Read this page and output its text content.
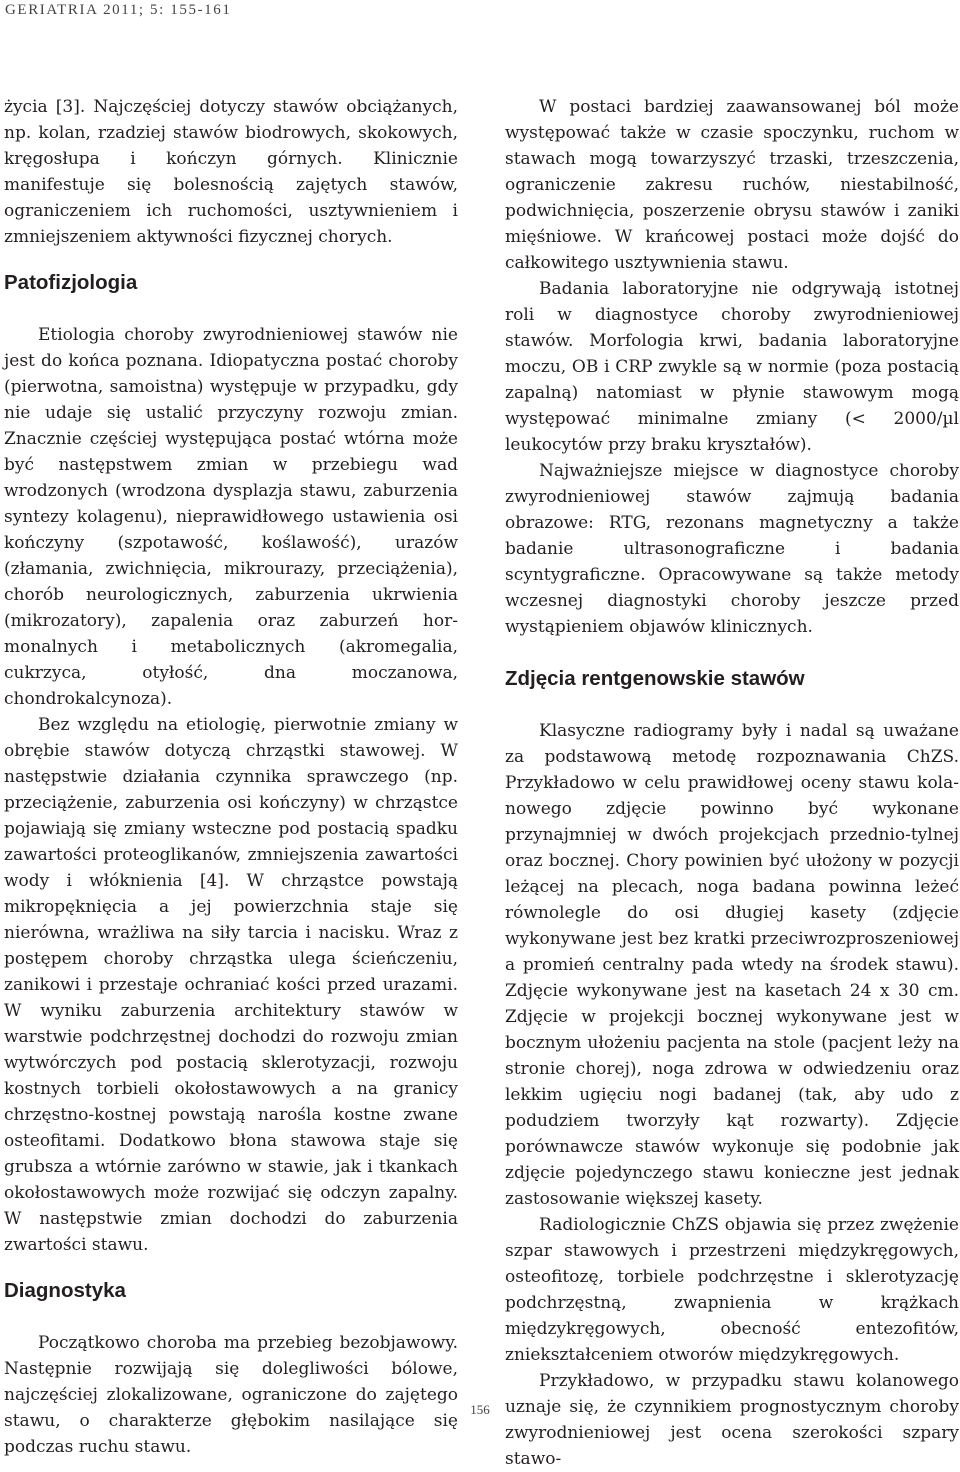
GERIATRIA 2011; 5: 155-161

życia [3]. Najczęściej dotyczy stawów obciążanych, np. kolan, rzadziej stawów biodrowych, skokowych, kręgosłupa i kończyn górnych. Klinicznie manifestuje się bolesnością zajętych stawów, ograniczeniem ich ruchomości, usztywnieniem i zmniejszeniem aktywności fizycznej chorych.

Patofizjologia

Etiologia choroby zwyrodnieniowej stawów nie jest do końca poznana. Idiopatyczna postać choroby (pierwotna, samoistna) występuje w przypadku, gdy nie udaje się ustalić przyczyny rozwoju zmian. Znacznie częściej występująca postać wtórna może być następstwem zmian w przebiegu wad wrodzonych (wrodzona dysplazja stawu, zaburzenia syntezy kolagenu), nieprawidłowego ustawienia osi kończyny (szpotawość, koślawość), urazów (złamania, zwichnięcia, mikrourazy, przeciążenia), chorób neurologicznych, zaburzenia ukrwienia (mikrozatory), zapalenia oraz zaburzeń hormonalnych i metabolicznych (akromegalia, cukrzyca, otyłość, dna moczanowa, chondrokalcynoza).

Bez względu na etiologię, pierwotnie zmiany w obrębie stawów dotyczą chrząstki stawowej. W następstwie działania czynnika sprawczego (np. przeciążenie, zaburzenia osi kończyny) w chrząstce pojawiają się zmiany wsteczne pod postacią spadku zawartości proteoglikanów, zmniejszenia zawartości wody i włóknienia [4]. W chrząstce powstają mikropęknięcia a jej powierzchnia staje się nierówna, wrażliwa na siły tarcia i nacisku. Wraz z postępem choroby chrząstka ulega ścieńczeniu, zanikowi i przestaje ochraniać kości przed urazami. W wyniku zaburzenia architektury stawów w warstwie podchrzęstnej dochodzi do rozwoju zmian wytwórczych pod postacią sklerotyzacji, rozwoju kostnych torbieli okołostawowych a na granicy chrzęstno-kostnej powstają narośla kostne zwane osteofitami. Dodatkowo błona stawowa staje się grubsza a wtórnie zarówno w stawie, jak i tkankach okołostawowych może rozwijać się odczyn zapalny. W następstwie zmian dochodzi do zaburzenia zwartości stawu.

Diagnostyka

Początkowo choroba ma przebieg bezobjawowy. Następnie rozwijają się dolegliwości bólowe, najczęściej zlokalizowane, ograniczone do zajętego stawu, o charakterze głębokim nasilające się podczas ruchu stawu.

W postaci bardziej zaawansowanej ból może występować także w czasie spoczynku, ruchom w stawach mogą towarzyszyć trzaski, trzeszczenia, ograniczenie zakresu ruchów, niestabilność, podwichnięcia, poszerzenie obrysu stawów i zaniki mięśniowe. W krańcowej postaci może dojść do całkowitego usztywnienia stawu.

Badania laboratoryjne nie odgrywają istotnej roli w diagnostyce choroby zwyrodnieniowej stawów. Morfologia krwi, badania laboratoryjne moczu, OB i CRP zwykle są w normie (poza postacią zapalną) natomiast w płynie stawowym mogą występować minimalne zmiany (< 2000/µl leukocytów przy braku kryształów).

Najważniejsze miejsce w diagnostyce choroby zwyrodnieniowej stawów zajmują badania obrazowe: RTG, rezonans magnetyczny a także badanie ultrasonograficzne i badania scyntygraficzne. Opracowywane są także metody wczesnej diagnostyki choroby jeszcze przed wystąpieniem objawów klinicznych.

Zdjęcia rentgenowskie stawów

Klasyczne radiogramy były i nadal są uważane za podstawową metodę rozpoznawania ChZS. Przykładowo w celu prawidłowej oceny stawu kolanowego zdjęcie powinno być wykonane przynajmniej w dwóch projekcjach przednio-tylnej oraz bocznej. Chory powinien być ułożony w pozycji leżącej na plecach, noga badana powinna leżeć równolegle do osi długiej kasety (zdjęcie wykonywane jest bez kratki przeciwrozproszeniowej a promień centralny pada wtedy na środek stawu). Zdjęcie wykonywane jest na kasetach 24 x 30 cm. Zdjęcie w projekcji bocznej wykonywane jest w bocznym ułożeniu pacjenta na stole (pacjent leży na stronie chorej), noga zdrowa w odwiedzeniu oraz lekkim ugięciu nogi badanej (tak, aby udo z podudziem tworzyły kąt rozwarty). Zdjęcie porównawcze stawów wykonuje się podobnie jak zdjęcie pojedynczego stawu konieczne jest jednak zastosowanie większej kasety.

Radiologicznie ChZS objawia się przez zwężenie szpar stawowych i przestrzeni międzykręgowych, osteofitozę, torbiele podchrzęstne i sklerotyzację podchrzęstną, zwapnienia w krążkach międzykręgowych, obecność entezofitów, zniekształceniem otworów międzykręgowych.

Przykładowo, w przypadku stawu kolanowego uznaje się, że czynnikiem prognostycznym choroby zwyrodnieniowej jest ocena szerokości szpary stawo-

156
